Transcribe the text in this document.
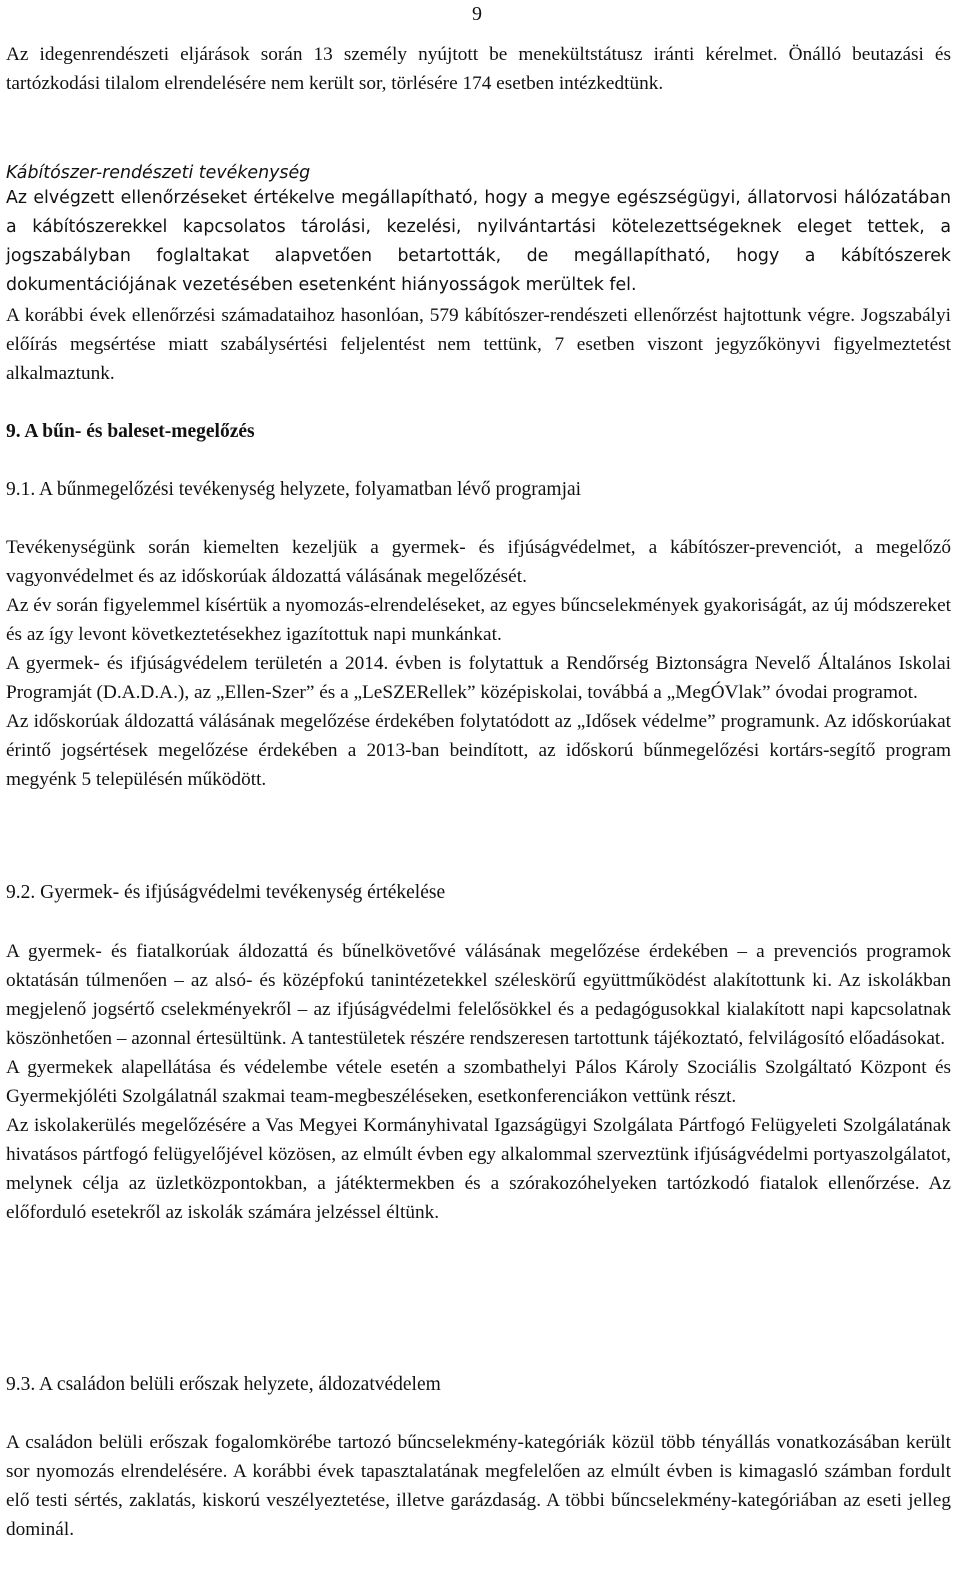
9

Az idegenrendészeti eljárások során 13 személy nyújtott be menekültstátusz iránti kérelmet. Önálló beutazási és tartózkodási tilalom elrendelésére nem került sor, törlésére 174 esetben intézkedtünk.

Kábítószer-rendészeti tevékenység

Az elvégzett ellenőrzéseket értékelve megállapítható, hogy a megye egészségügyi, állatorvosi hálózatában a kábítószerekkel kapcsolatos tárolási, kezelési, nyilvántartási kötelezettségeknek eleget tettek, a jogszabályban foglaltakat alapvetően betartották, de megállapítható, hogy a kábítószerek dokumentációjának vezetésében esetenként hiányosságok merültek fel.

A korábbi évek ellenőrzési számadataihoz hasonlóan, 579 kábítószer-rendészeti ellenőrzést hajtottunk végre. Jogszabályi előírás megsértése miatt szabálysértési feljelentést nem tettünk, 7 esetben viszont jegyzőkönyvi figyelmeztetést alkalmaztunk.

9. A bűn- és baleset-megelőzés

9.1. A bűnmegelőzési tevékenység helyzete, folyamatban lévő programjai

Tevékenységünk során kiemelten kezeljük a gyermek- és ifjúságvédelmet, a kábítószer-prevenciót, a megelőző vagyonvédelmet és az időskorúak áldozattá válásának megelőzését.

Az év során figyelemmel kísértük a nyomozás-elrendeléseket, az egyes bűncselekmények gyakoriságát, az új módszereket és az így levont következtetésekhez igazítottuk napi munkánkat.

A gyermek- és ifjúságvédelem területén a 2014. évben is folytattuk a Rendőrség Biztonságra Nevelő Általános Iskolai Programját (D.A.D.A.), az „Ellen-Szer” és a „LeSZERellek” középiskolai, továbbá a „MegÓVlak” óvodai programot.

Az időskorúak áldozattá válásának megelőzése érdekében folytatódott az „Idősek védelme” programunk. Az időskorúakat érintő jogsértések megelőzése érdekében a 2013-ban beindított, az időskorú bűnmegelőzési kortárs-segítő program megyénk 5 településén működött.

9.2. Gyermek- és ifjúságvédelmi tevékenység értékelése

A gyermek- és fiatalkorúak áldozattá és bűnelkövetővé válásának megelőzése érdekében – a prevenciós programok oktatásán túlmenően – az alsó- és középfokú tanintézetekkel széleskörű együttműködést alakítottunk ki. Az iskolákban megjelenő jogsértő cselekményekről – az ifjúságvédelmi felelősökkel és a pedagógusokkal kialakított napi kapcsolatnak köszönhetően – azonnal értesültünk. A tantestületek részére rendszeresen tartottunk tájékoztató, felvilágosító előadásokat.

A gyermekek alapellátása és védelembe vétele esetén a szombathelyi Pálos Károly Szociális Szolgáltató Központ és Gyermekjóléti Szolgálatnál szakmai team-megbeszéléseken, esetkonferenciákon vettünk részt.

Az iskolakerülés megelőzésére a Vas Megyei Kormányhivatal Igazságügyi Szolgálata Pártfogó Felügyeleti Szolgálatának hivatásos pártfogó felügyelőjével közösen, az elmúlt évben egy alkalommal szerveztünk ifjúságvédelmi portyaszolgálatot, melynek célja az üzletközpontokban, a játéktermekben és a szórakozóhelyeken tartózkodó fiatalok ellenőrzése. Az előforduló esetekről az iskolák számára jelzéssel éltünk.

9.3. A családon belüli erőszak helyzete, áldozatvédelem

A családon belüli erőszak fogalomkörébe tartozó bűncselekmény-kategóriák közül több tényállás vonatkozásában került sor nyomozás elrendelésére. A korábbi évek tapasztalatának megfelelően az elmúlt évben is kimagasló számban fordult elő testi sértés, zaklatás, kiskorú veszélyeztetése, illetve garázdaság. A többi bűncselekmény-kategóriában az eseti jelleg dominál.
